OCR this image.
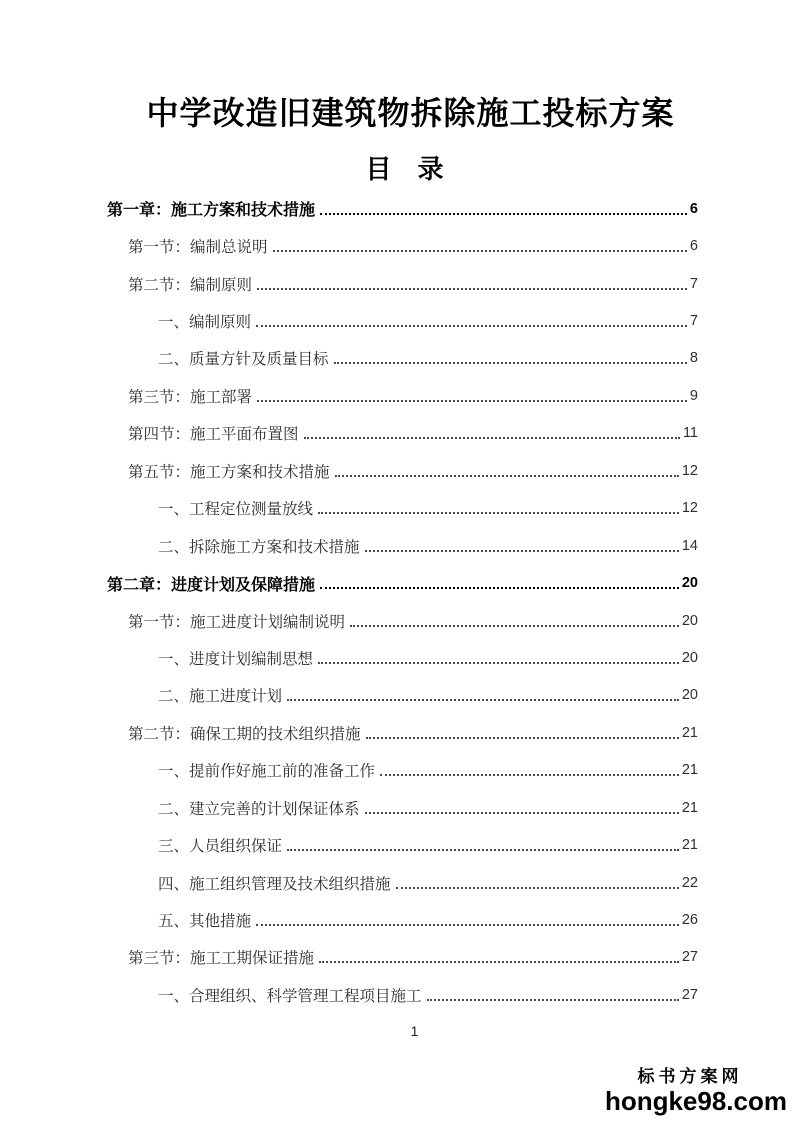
中学改造旧建筑物拆除施工投标方案
目　录
第一章：施工方案和技术措施	6
第一节：编制总说明	6
第二节：编制原则	7
一、编制原则	7
二、质量方针及质量目标	8
第三节：施工部署	9
第四节：施工平面布置图	11
第五节：施工方案和技术措施	12
一、工程定位测量放线	12
二、拆除施工方案和技术措施	14
第二章：进度计划及保障措施	20
第一节：施工进度计划编制说明	20
一、进度计划编制思想	20
二、施工进度计划	20
第二节：确保工期的技术组织措施	21
一、提前作好施工前的准备工作	21
二、建立完善的计划保证体系	21
三、人员组织保证	21
四、施工组织管理及技术组织措施	22
五、其他措施	26
第三节：施工工期保证措施	27
一、合理组织、科学管理工程项目施工	27
1
标书方案网
hongke98.com
